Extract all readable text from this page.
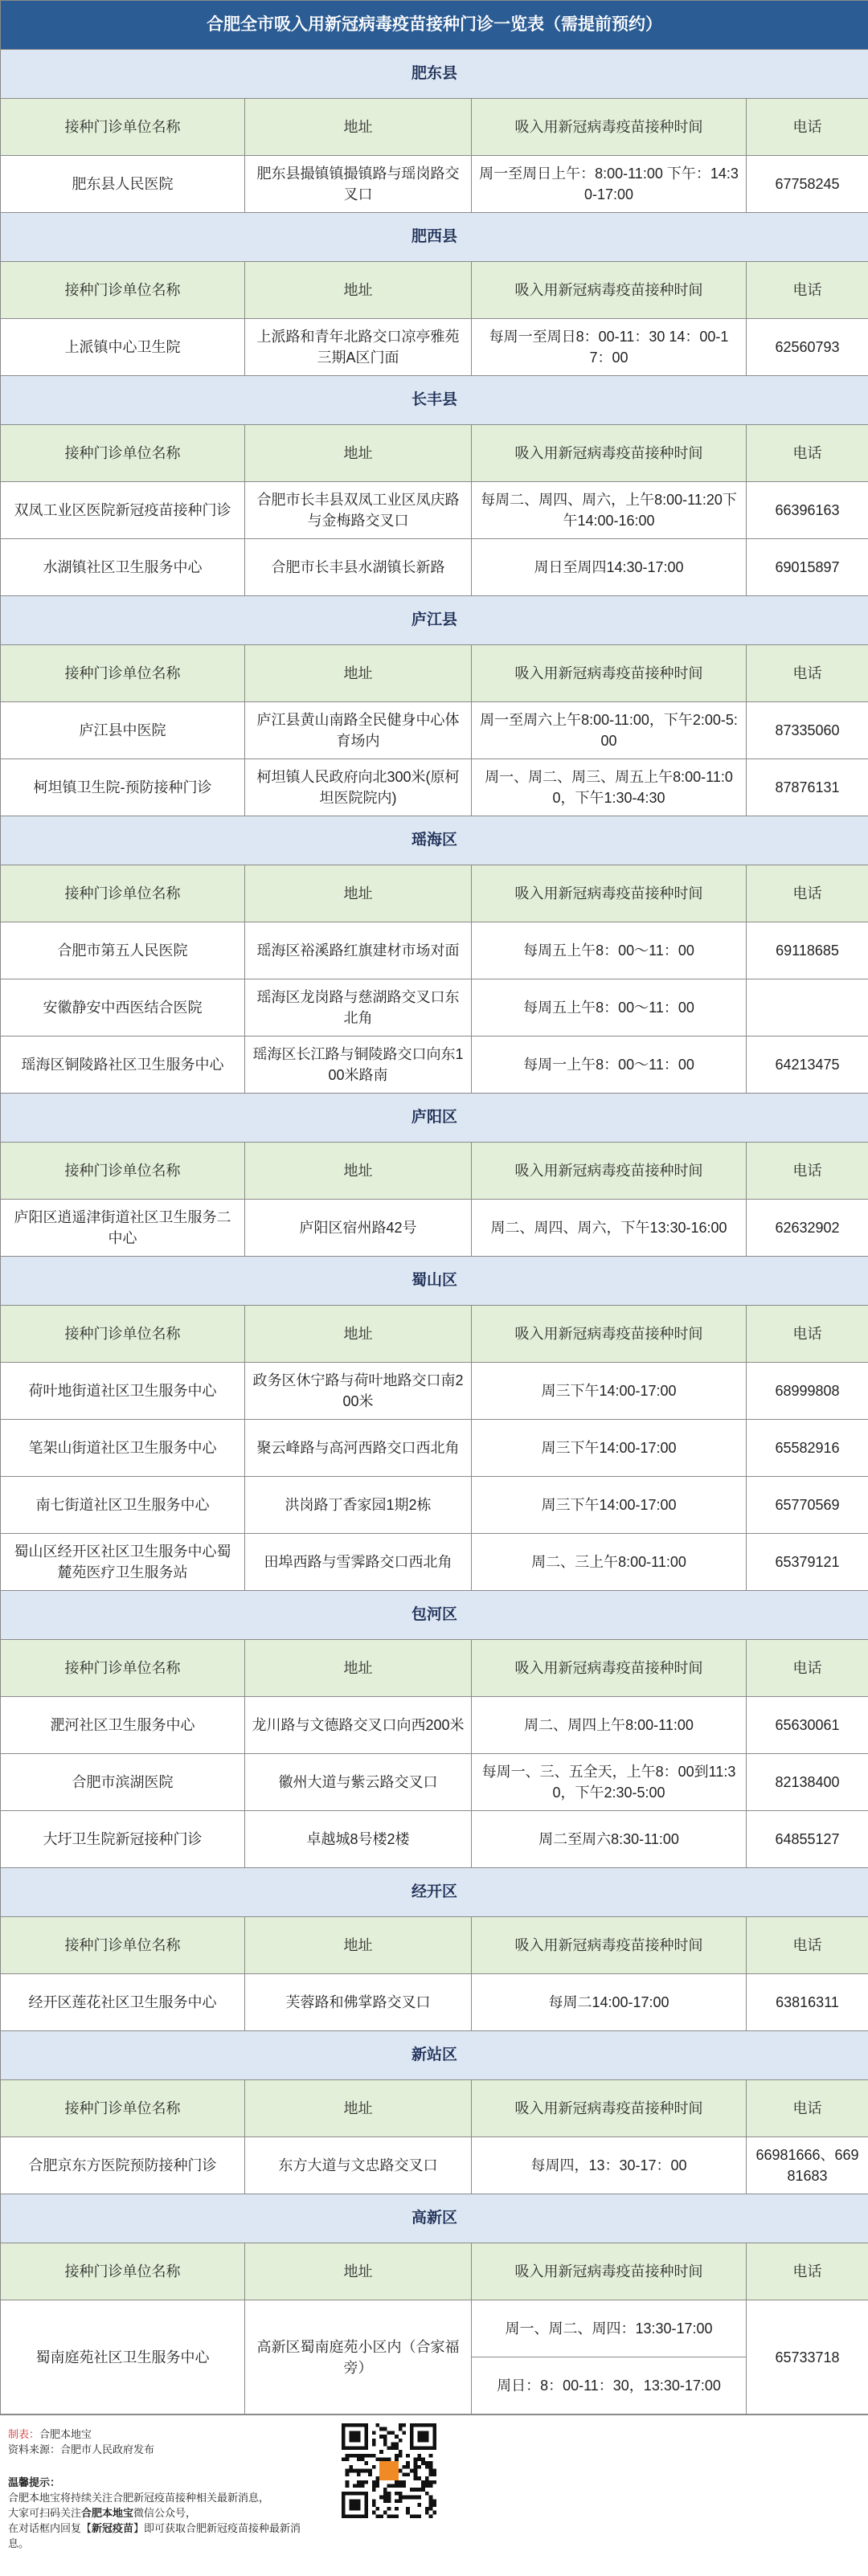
合肥全市吸入用新冠病毒疫苗接种门诊一览表（需提前预约）			
肥东县			
接种门诊单位名称	地址	吸入用新冠病毒疫苗接种时间	电话
肥东县人民医院	肥东县撮镇镇撮镇路与瑶岗路交叉口	周一至周日上午：8:00-11:00 下午：14:30-17:00	67758245
肥西县			
接种门诊单位名称	地址	吸入用新冠病毒疫苗接种时间	电话
上派镇中心卫生院	上派路和青年北路交口凉亭雅苑三期A区门面	每周一至周日8：00-11：30 14：00-17：00	62560793
长丰县			
接种门诊单位名称	地址	吸入用新冠病毒疫苗接种时间	电话
双凤工业区医院新冠疫苗接种门诊	合肥市长丰县双凤工业区凤庆路与金梅路交叉口	每周二、周四、周六，上午8:00-11:20下午14:00-16:00	66396163
水湖镇社区卫生服务中心	合肥市长丰县水湖镇长新路	周日至周四14:30-17:00	69015897
庐江县			
接种门诊单位名称	地址	吸入用新冠病毒疫苗接种时间	电话
庐江县中医院	庐江县黄山南路全民健身中心体育场内	周一至周六上午8:00-11:00，下午2:00-5:00	87335060
柯坦镇卫生院-预防接种门诊	柯坦镇人民政府向北300米(原柯坦医院院内)	周一、周二、周三、周五上午8:00-11:00，下午1:30-4:30	87876131
瑶海区			
接种门诊单位名称	地址	吸入用新冠病毒疫苗接种时间	电话
合肥市第五人民医院	瑶海区裕溪路红旗建材市场对面	每周五上午8：00～11：00	69118685
安徽静安中西医结合医院	瑶海区龙岗路与慈湖路交叉口东北角	每周五上午8：00～11：00	
瑶海区铜陵路社区卫生服务中心	瑶海区长江路与铜陵路交口向东100米路南	每周一上午8：00～11：00	64213475
庐阳区			
接种门诊单位名称	地址	吸入用新冠病毒疫苗接种时间	电话
庐阳区逍遥津街道社区卫生服务二中心	庐阳区宿州路42号	周二、周四、周六，下午13:30-16:00	62632902
蜀山区			
接种门诊单位名称	地址	吸入用新冠病毒疫苗接种时间	电话
荷叶地街道社区卫生服务中心	政务区休宁路与荷叶地路交口南200米	周三下午14:00-17:00	68999808
笔架山街道社区卫生服务中心	聚云峰路与高河西路交口西北角	周三下午14:00-17:00	65582916
南七街道社区卫生服务中心	洪岗路丁香家园1期2栋	周三下午14:00-17:00	65770569
蜀山区经开区社区卫生服务中心蜀麓苑医疗卫生服务站	田埠西路与雪霁路交口西北角	周二、三上午8:00-11:00	65379121
包河区			
接种门诊单位名称	地址	吸入用新冠病毒疫苗接种时间	电话
淝河社区卫生服务中心	龙川路与文德路交叉口向西200米	周二、周四上午8:00-11:00	65630061
合肥市滨湖医院	徽州大道与紫云路交叉口	每周一、三、五全天，上午8：00到11:30，下午2:30-5:00	82138400
大圩卫生院新冠接种门诊	卓越城8号楼2楼	周二至周六8:30-11:00	64855127
经开区			
接种门诊单位名称	地址	吸入用新冠病毒疫苗接种时间	电话
经开区莲花社区卫生服务中心	芙蓉路和佛掌路交叉口	每周二14:00-17:00	63816311
新站区			
接种门诊单位名称	地址	吸入用新冠病毒疫苗接种时间	电话
合肥京东方医院预防接种门诊	东方大道与文忠路交叉口	每周四，13：30-17：00	66981666、66981683
高新区			
接种门诊单位名称	地址	吸入用新冠病毒疫苗接种时间	电话
蜀南庭苑社区卫生服务中心	高新区蜀南庭苑小区内（合家福旁）	周一、周二、周四：13:30-17:00	65733718
		周日：8：00-11：30，13:30-17:00	
制表：合肥本地宝
资料来源：合肥市人民政府发布
温馨提示：
合肥本地宝将持续关注合肥新冠疫苗接种相关最新消息，
大家可扫码关注合肥本地宝微信公众号，
在对话框内回复【新冠疫苗】即可获取合肥新冠疫苗接种最新消息。
